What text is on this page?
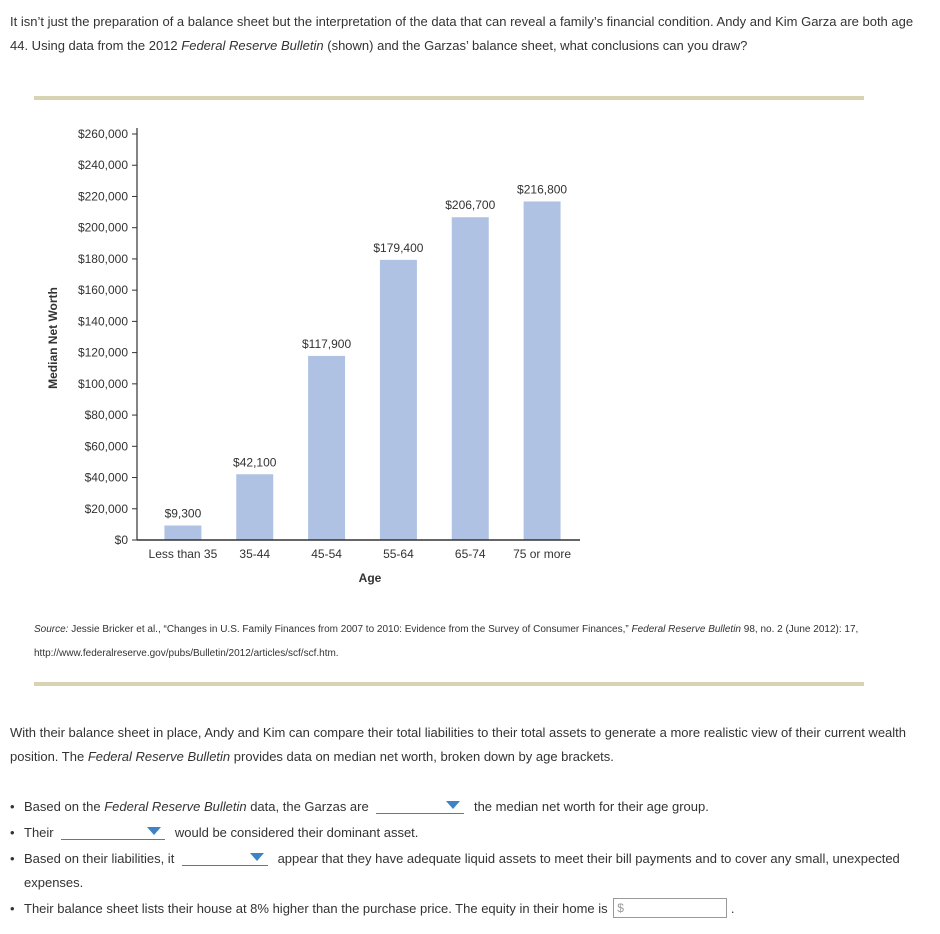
It isn’t just the preparation of a balance sheet but the interpretation of the data that can reveal a family’s financial condition. Andy and Kim Garza are both age 44. Using data from the 2012 Federal Reserve Bulletin (shown) and the Garzas’ balance sheet, what conclusions can you draw?
$0
$20,000
$40,000
$60,000
$80,000
$100,000
$120,000
$140,000
$160,000
$180,000
$200,000
$220,000
$240,000
$260,000
$9,300
$42,100
$117,900
$179,400
$206,700
$216,800
Less than 35 35-44	45-54	55-64	65-74 75 or more
Median Net Worth
Age
Source: Jessie Bricker et al., “Changes in U.S. Family Finances from 2007 to 2010: Evidence from the Survey of Consumer Finances,” Federal Reserve Bulletin 98, no. 2 (June 2012): 17, http://www.federalreserve.gov/pubs/Bulletin/2012/articles/scf/scf.htm.
With their balance sheet in place, Andy and Kim can compare their total liabilities to their total assets to generate a more realistic view of their current wealth position. The Federal Reserve Bulletin provides data on median net worth, broken down by age brackets.
• Based on the Federal Reserve Bulletin data, the Garzas are	the median net worth for their age group.
• Their	would be considered their dominant asset.
• Based on their liabilities, it	appear that they have adequate liquid assets to meet their bill payments and to cover any small, unexpected expenses.
• Their balance sheet lists their house at 8% higher than the purchase price. The equity in their home is $	.
